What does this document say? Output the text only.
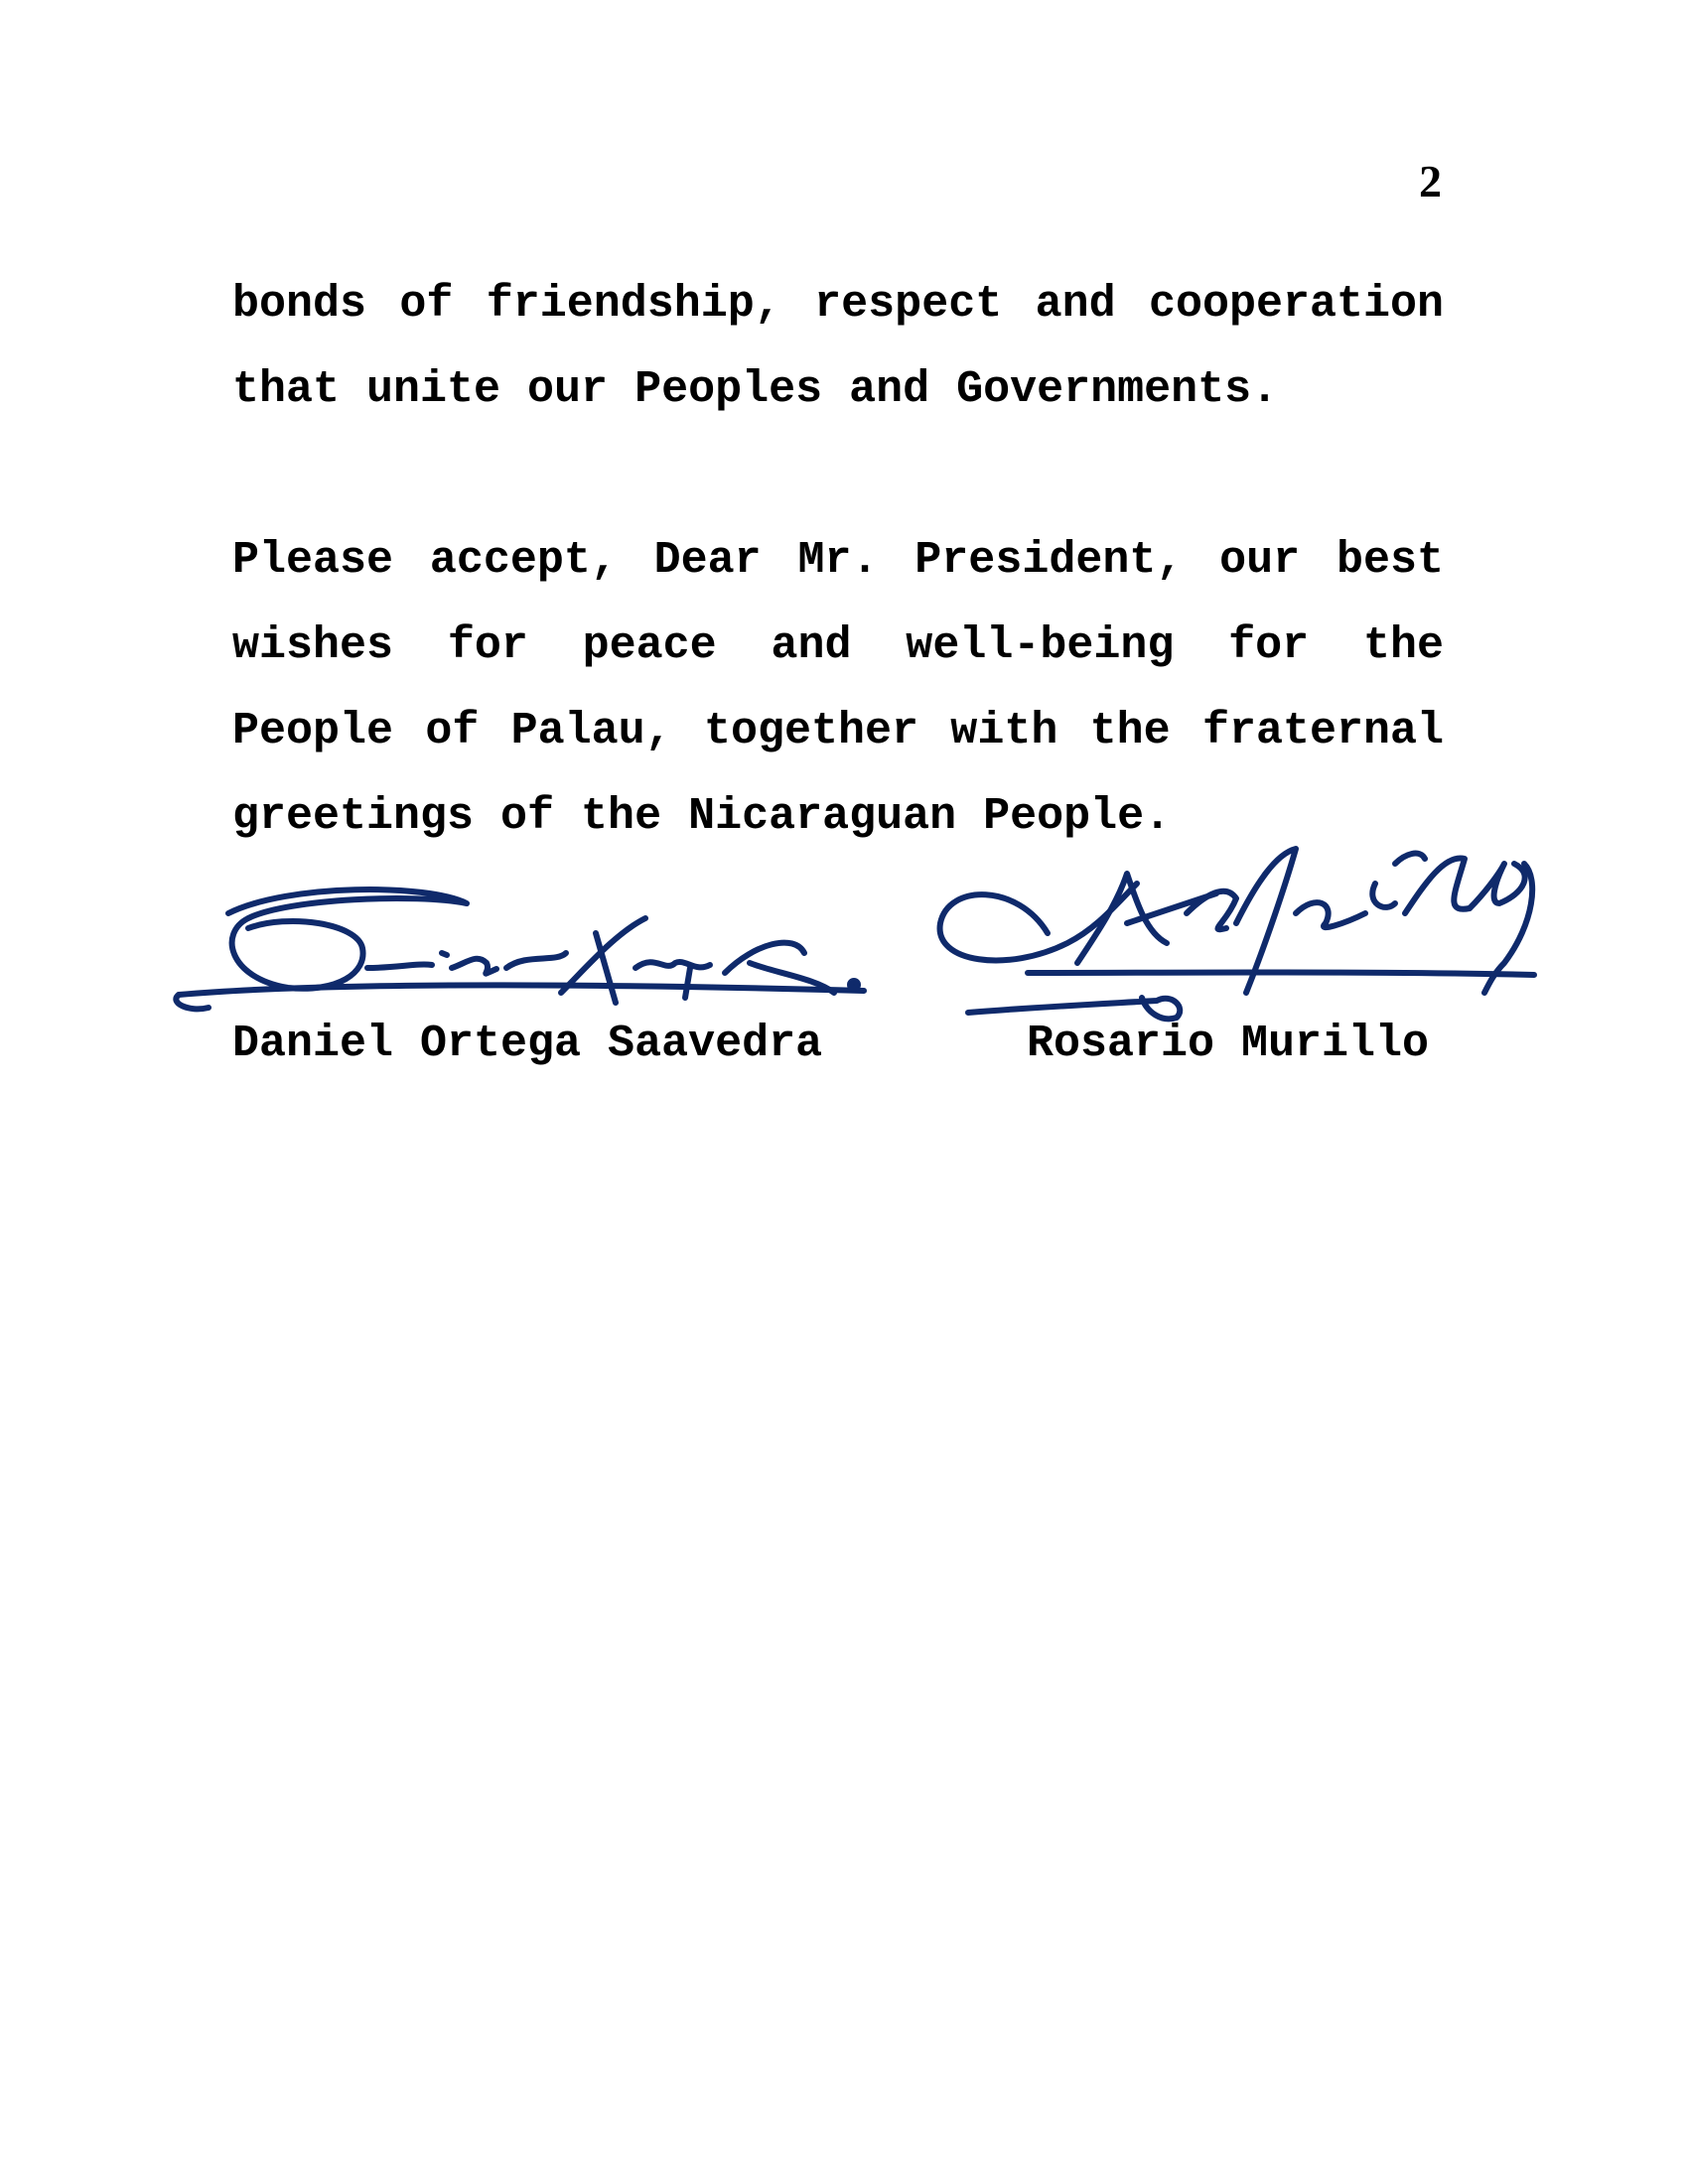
2
bonds of friendship, respect and cooperation
that unite our Peoples and Governments.
Please accept, Dear Mr. President, our best
wishes for peace and well-being for the
People of Palau, together with the fraternal
greetings of the Nicaraguan People.
Daniel Ortega Saavedra	Rosario Murillo
